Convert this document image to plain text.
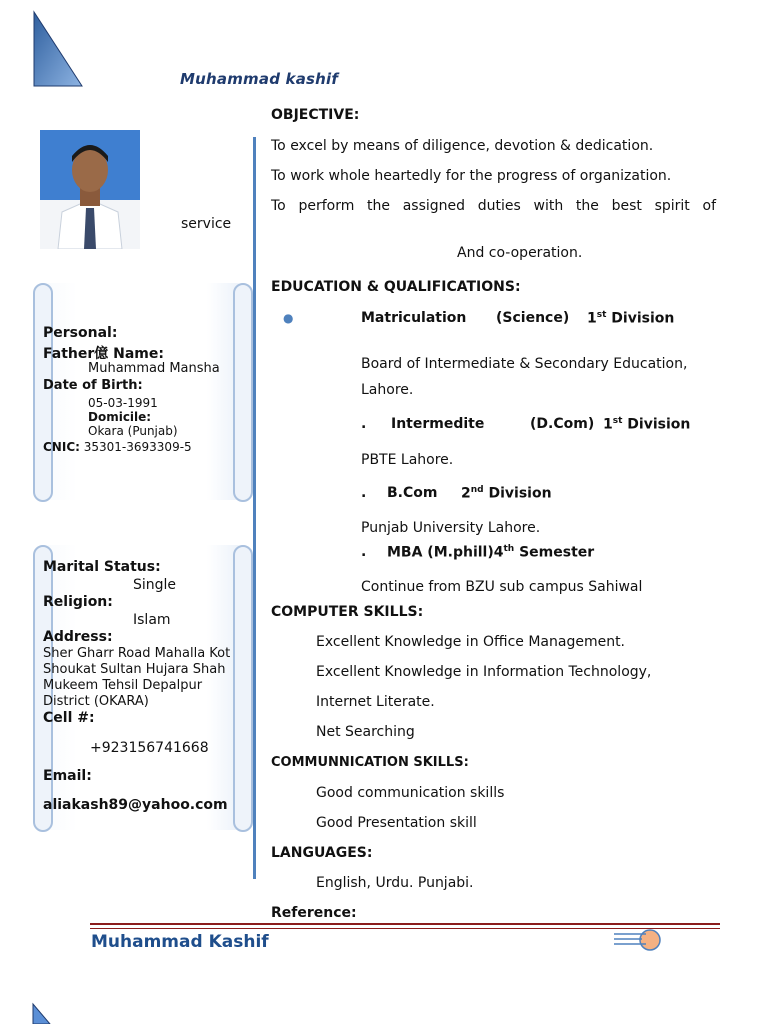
Muhammad kashif
service
Personal:
Father億 Name:
Muhammad Mansha
Date of Birth:
05-03-1991
Domicile:
Okara (Punjab)
CNIC: 35301-3693309-5
Marital Status:
Single
Religion:
Islam
Address:
Sher Gharr Road Mahalla Kot
Shoukat Sultan Hujara Shah
Mukeem Tehsil Depalpur
District (OKARA)
Cell #:
+923156741668
Email:
aliakash89@yahoo.com
OBJECTIVE:
To excel by means of diligence, devotion & dedication.
To work whole heartedly for the progress of organization.
To perform the assigned duties with the best spirit of
And co-operation.
EDUCATION & QUALIFICATIONS:
●	Matriculation (Science) 1st Division
Board of Intermediate & Secondary Education,
Lahore.
. Intermedite	(D.Com) 1st Division
PBTE Lahore.
. B.Com 2nd Division
Punjab University Lahore.
. MBA (M.phill)4th Semester
Continue from BZU sub campus Sahiwal
COMPUTER SKILLS:
Excellent Knowledge in Office Management.
Excellent Knowledge in Information Technology,
Internet Literate.
Net Searching
COMMUNNICATION SKILLS:
Good communication skills
Good Presentation skill
LANGUAGES:
English, Urdu. Punjabi.
Reference:
Muhammad Kashif
